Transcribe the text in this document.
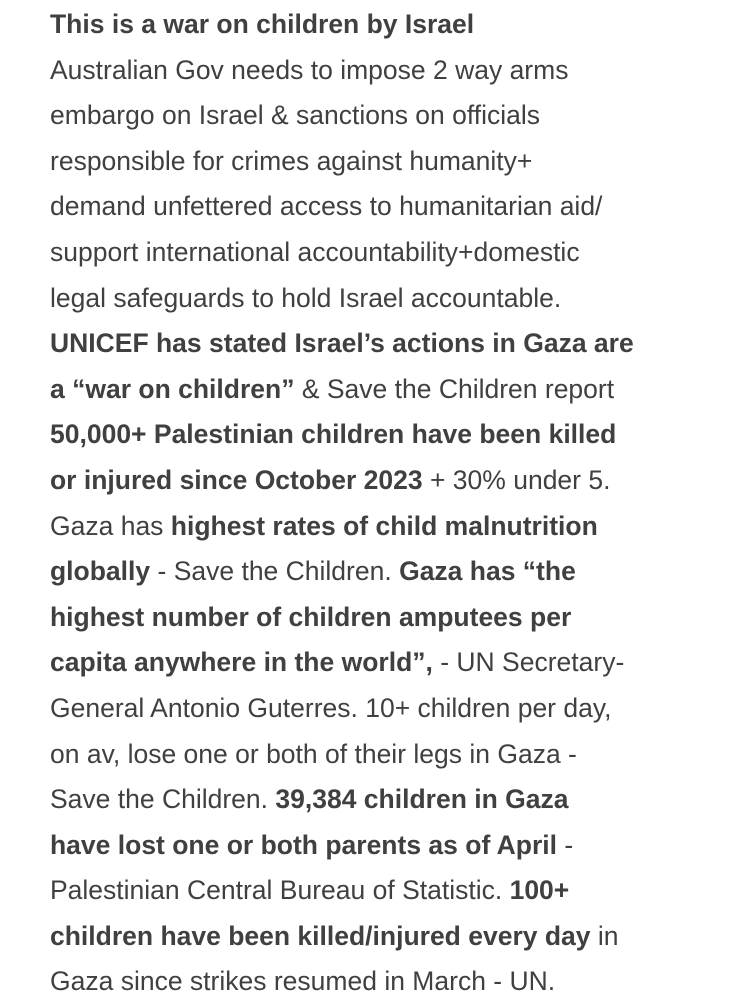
This is a war on children by Israel
Australian Gov needs to impose 2 way arms
embargo on Israel & sanctions on officials
responsible for crimes against humanity+
demand unfettered access to humanitarian aid/
support international accountability+domestic
legal safeguards to hold Israel accountable.
UNICEF has stated Israel’s actions in Gaza are
a “war on children” & Save the Children report
50,000+ Palestinian children have been killed
or injured since October 2023 + 30% under 5.
Gaza has highest rates of child malnutrition
globally - Save the Children. Gaza has “the
highest number of children amputees per
capita anywhere in the world”, - UN Secretary-
General Antonio Guterres. 10+ children per day,
on av, lose one or both of their legs in Gaza -
Save the Children. 39,384 children in Gaza
have lost one or both parents as of April -
Palestinian Central Bureau of Statistic. 100+
children have been killed/injured every day in
Gaza since strikes resumed in March - UN.
